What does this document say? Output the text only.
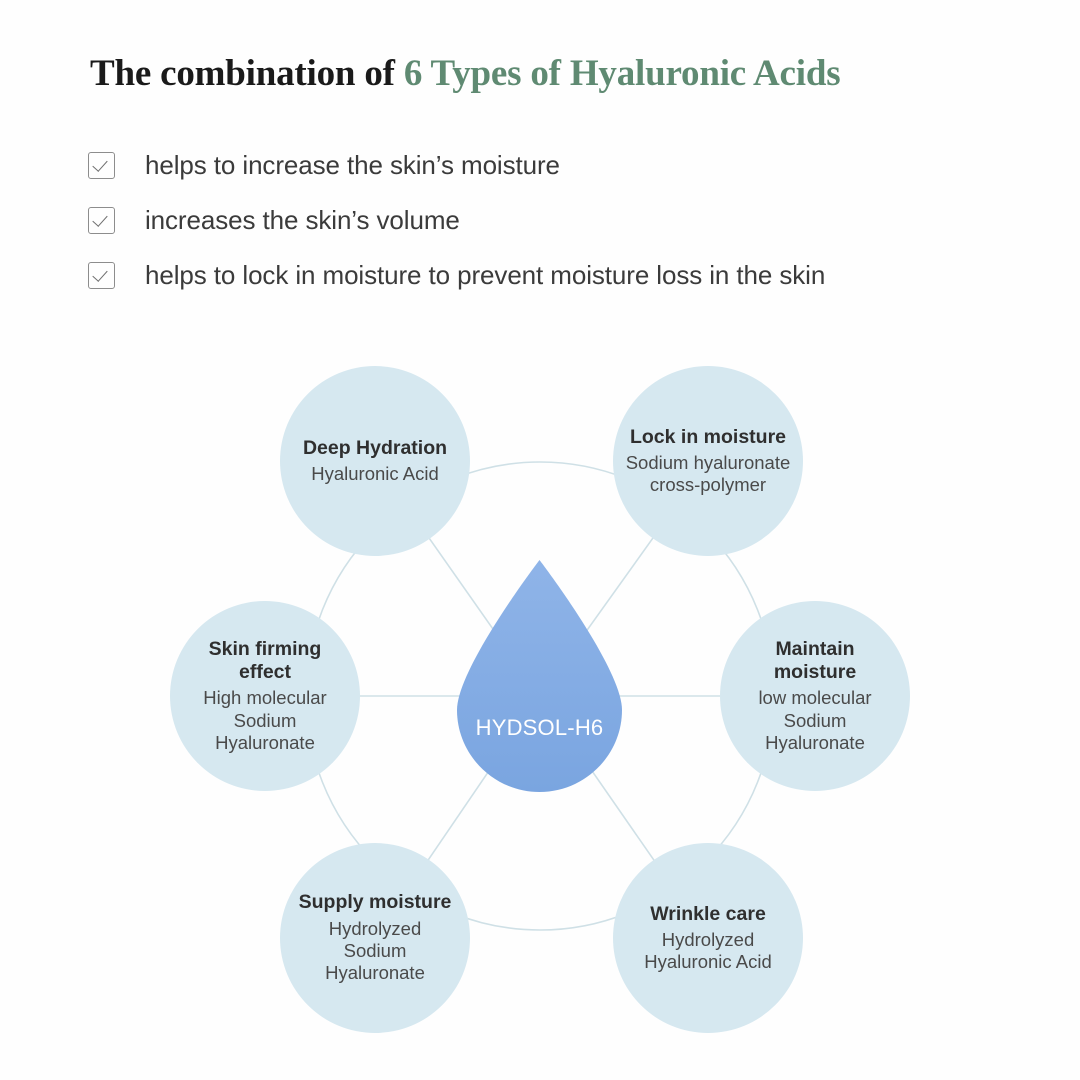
The combination of 6 Types of Hyaluronic Acids
helps to increase the skin’s moisture
increases the skin’s volume
helps to lock in moisture to prevent moisture loss in the skin
HYDSOL-H6
Deep Hydration
Hyaluronic Acid
Lock in moisture
Sodium hyaluronate
cross-polymer
Maintain
moisture
low molecular
Sodium
Hyaluronate
Wrinkle care
Hydrolyzed
Hyaluronic Acid
Supply moisture
Hydrolyzed
Sodium
Hyaluronate
Skin firming
effect
High molecular
Sodium
Hyaluronate
